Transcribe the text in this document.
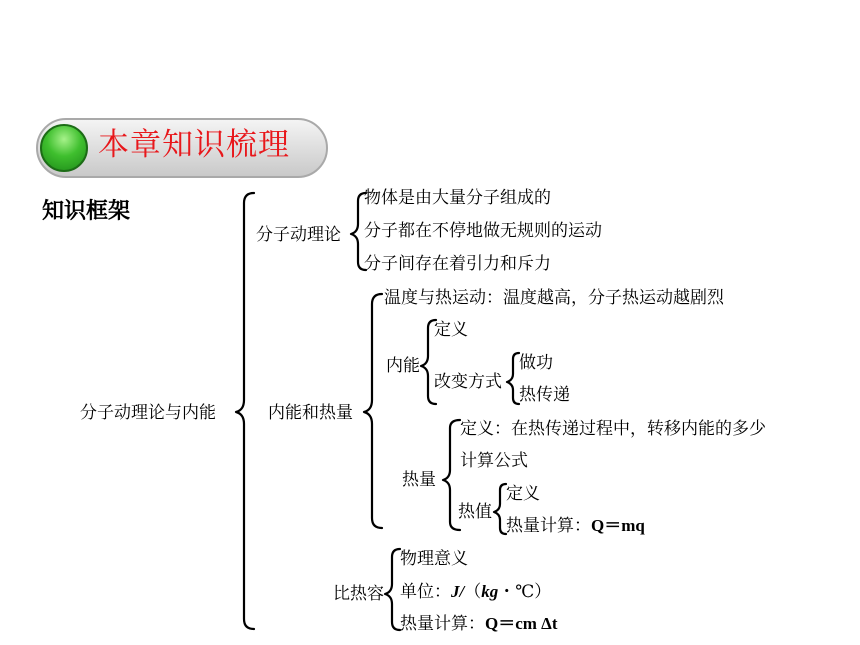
本章知识梳理
知识框架
分子动理论与内能
分子动理论
物体是由大量分子组成的
分子都在不停地做无规则的运动
分子间存在着引力和斥力
内能和热量
温度与热运动：温度越高，分子热运动越剧烈
内能
定义
改变方式
做功
热传递
热量
定义：在热传递过程中，转移内能的多少
计算公式
热值
定义
热量计算：Q＝mq
比热容
物理意义
单位：J/（kg・℃）
热量计算：Q＝cm Δt
